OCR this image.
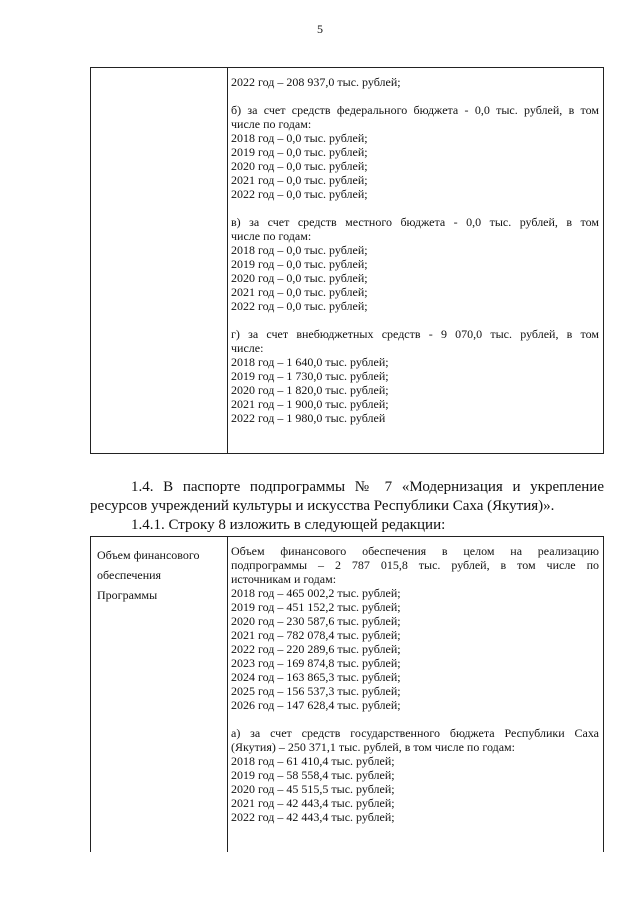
5
2022 год – 208 937,0 тыс. рублей;
б) за счет средств федерального бюджета - 0,0 тыс. рублей, в том
числе по годам:
2018 год – 0,0 тыс. рублей;
2019 год – 0,0 тыс. рублей;
2020 год – 0,0 тыс. рублей;
2021 год – 0,0 тыс. рублей;
2022 год – 0,0 тыс. рублей;
в) за счет средств местного бюджета - 0,0 тыс. рублей, в том
числе по годам:
2018 год – 0,0 тыс. рублей;
2019 год – 0,0 тыс. рублей;
2020 год – 0,0 тыс. рублей;
2021 год – 0,0 тыс. рублей;
2022 год – 0,0 тыс. рублей;
г) за счет внебюджетных средств - 9 070,0 тыс. рублей, в том
числе:
2018 год – 1 640,0 тыс. рублей;
2019 год – 1 730,0 тыс. рублей;
2020 год – 1 820,0 тыс. рублей;
2021 год – 1 900,0 тыс. рублей;
2022 год – 1 980,0 тыс. рублей
1.4. В паспорте подпрограммы № 7 «Модернизация и укрепление
ресурсов учреждений культуры и искусства Республики Саха (Якутия)».
1.4.1. Строку 8 изложить в следующей редакции:
Объем финансового
обеспечения
Программы
Объем финансового обеспечения в целом на реализацию
подпрограммы – 2 787 015,8 тыс. рублей, в том числе по
источникам и годам:
2018 год – 465 002,2 тыс. рублей;
2019 год – 451 152,2 тыс. рублей;
2020 год – 230 587,6 тыс. рублей;
2021 год – 782 078,4 тыс. рублей;
2022 год – 220 289,6 тыс. рублей;
2023 год – 169 874,8 тыс. рублей;
2024 год – 163 865,3 тыс. рублей;
2025 год – 156 537,3 тыс. рублей;
2026 год – 147 628,4 тыс. рублей;
а) за счет средств государственного бюджета Республики Саха
(Якутия) – 250 371,1 тыс. рублей, в том числе по годам:
2018 год – 61 410,4 тыс. рублей;
2019 год – 58 558,4 тыс. рублей;
2020 год – 45 515,5 тыс. рублей;
2021 год – 42 443,4 тыс. рублей;
2022 год – 42 443,4 тыс. рублей;
